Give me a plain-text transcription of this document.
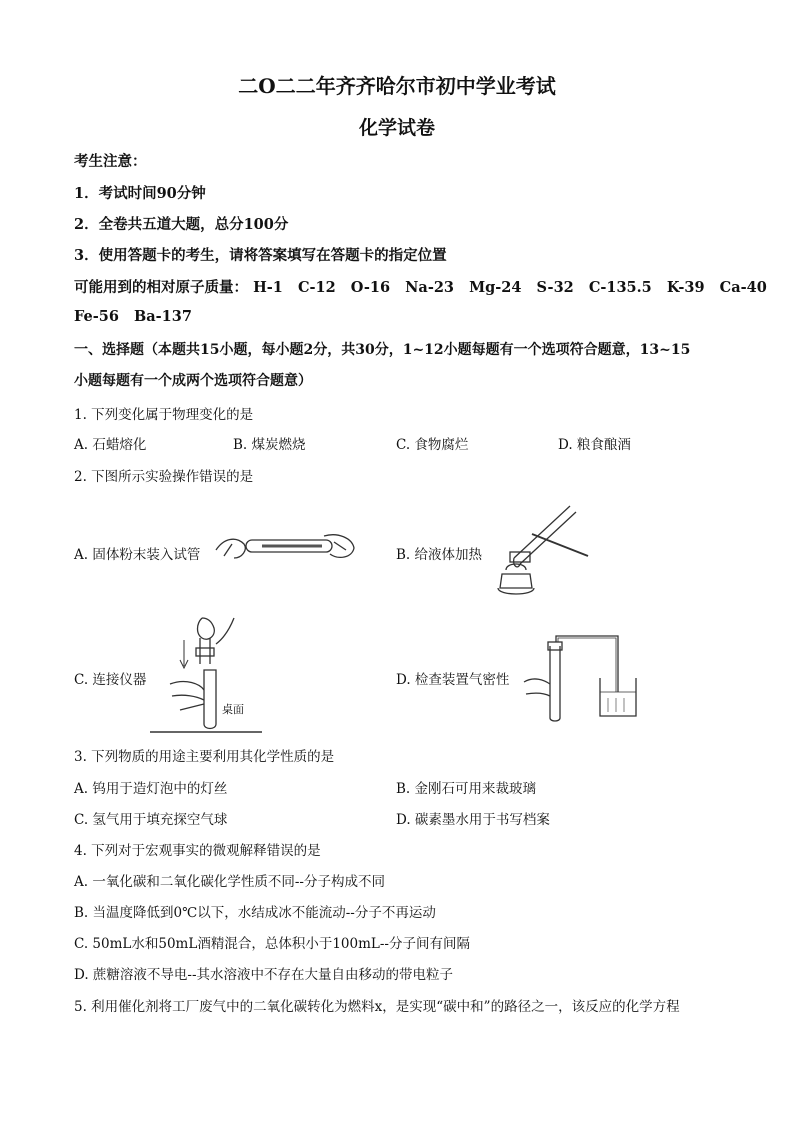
二O二二年齐齐哈尔市初中学业考试
化学试卷
考生注意：
1．考试时间90分钟
2．全卷共五道大题，总分100分
3．使用答题卡的考生，请将答案填写在答题卡的指定位置
可能用到的相对原子质量： H-1 C-12 O-16 Na-23 Mg-24 S-32 C-135.5 K-39 Ca-40
Fe-56 Ba-137
一、选择题（本题共15小题，每小题2分，共30分，1~12小题每题有一个选项符合题意，13~15
小题每题有一个成两个选项符合题意）
1. 下列变化属于物理变化的是
A. 石蜡熔化	B. 煤炭燃烧	C. 食物腐烂	D. 粮食酿酒
2. 下图所示实验操作错误的是
A. 固体粉末装入试管	B. 给液体加热
C. 连接仪器	D. 检查装置气密性
桌面
3. 下列物质的用途主要利用其化学性质的是
A. 钨用于造灯泡中的灯丝	B. 金刚石可用来裁玻璃
C. 氢气用于填充探空气球	D. 碳素墨水用于书写档案
4. 下列对于宏观事实的微观解释错误的是
A. 一氧化碳和二氧化碳化学性质不同--分子构成不同
B. 当温度降低到0℃以下，水结成冰不能流动--分子不再运动
C. 50mL水和50mL酒精混合，总体积小于100mL--分子间有间隔
D. 蔗糖溶液不导电--其水溶液中不存在大量自由移动的带电粒子
5. 利用催化剂将工厂废气中的二氧化碳转化为燃料x，是实现“碳中和”的路径之一，该反应的化学方程
